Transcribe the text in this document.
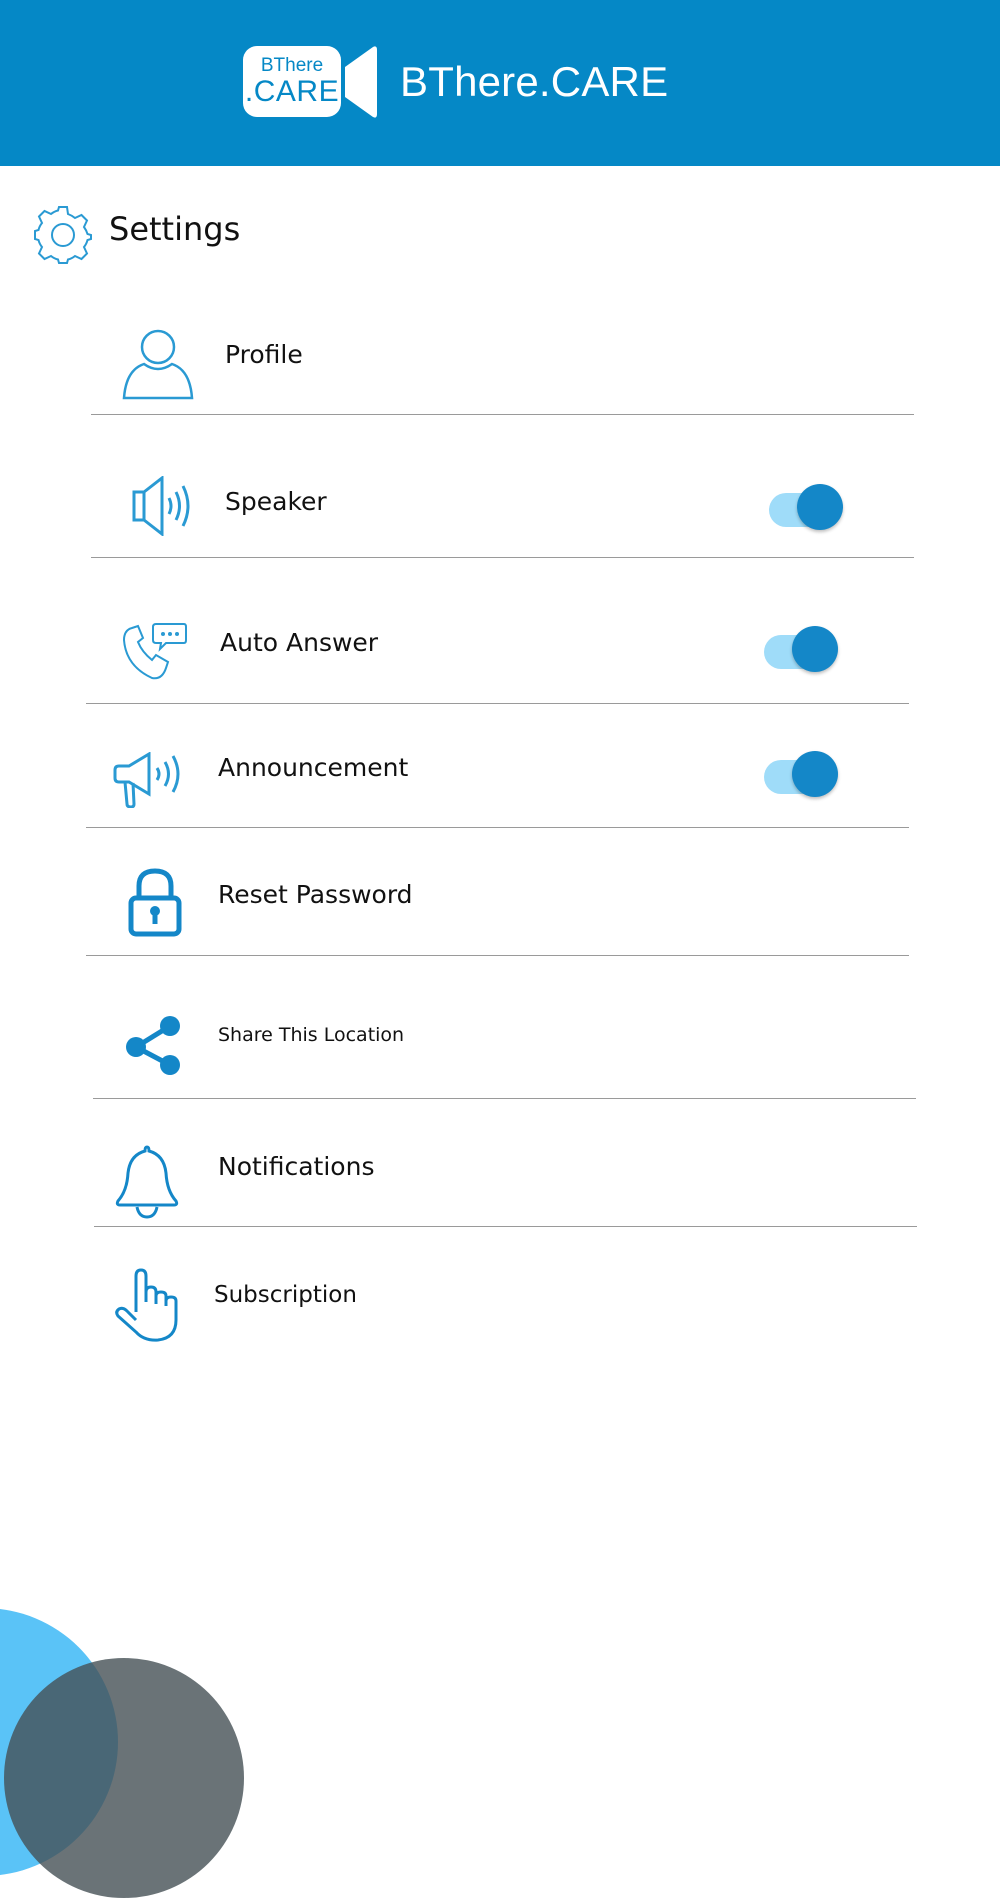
BThere
.CARE BThere.CARE
Settings
Profile
Speaker
Auto Answer
Announcement
Reset Password
Share This Location
Notifications
Subscription
